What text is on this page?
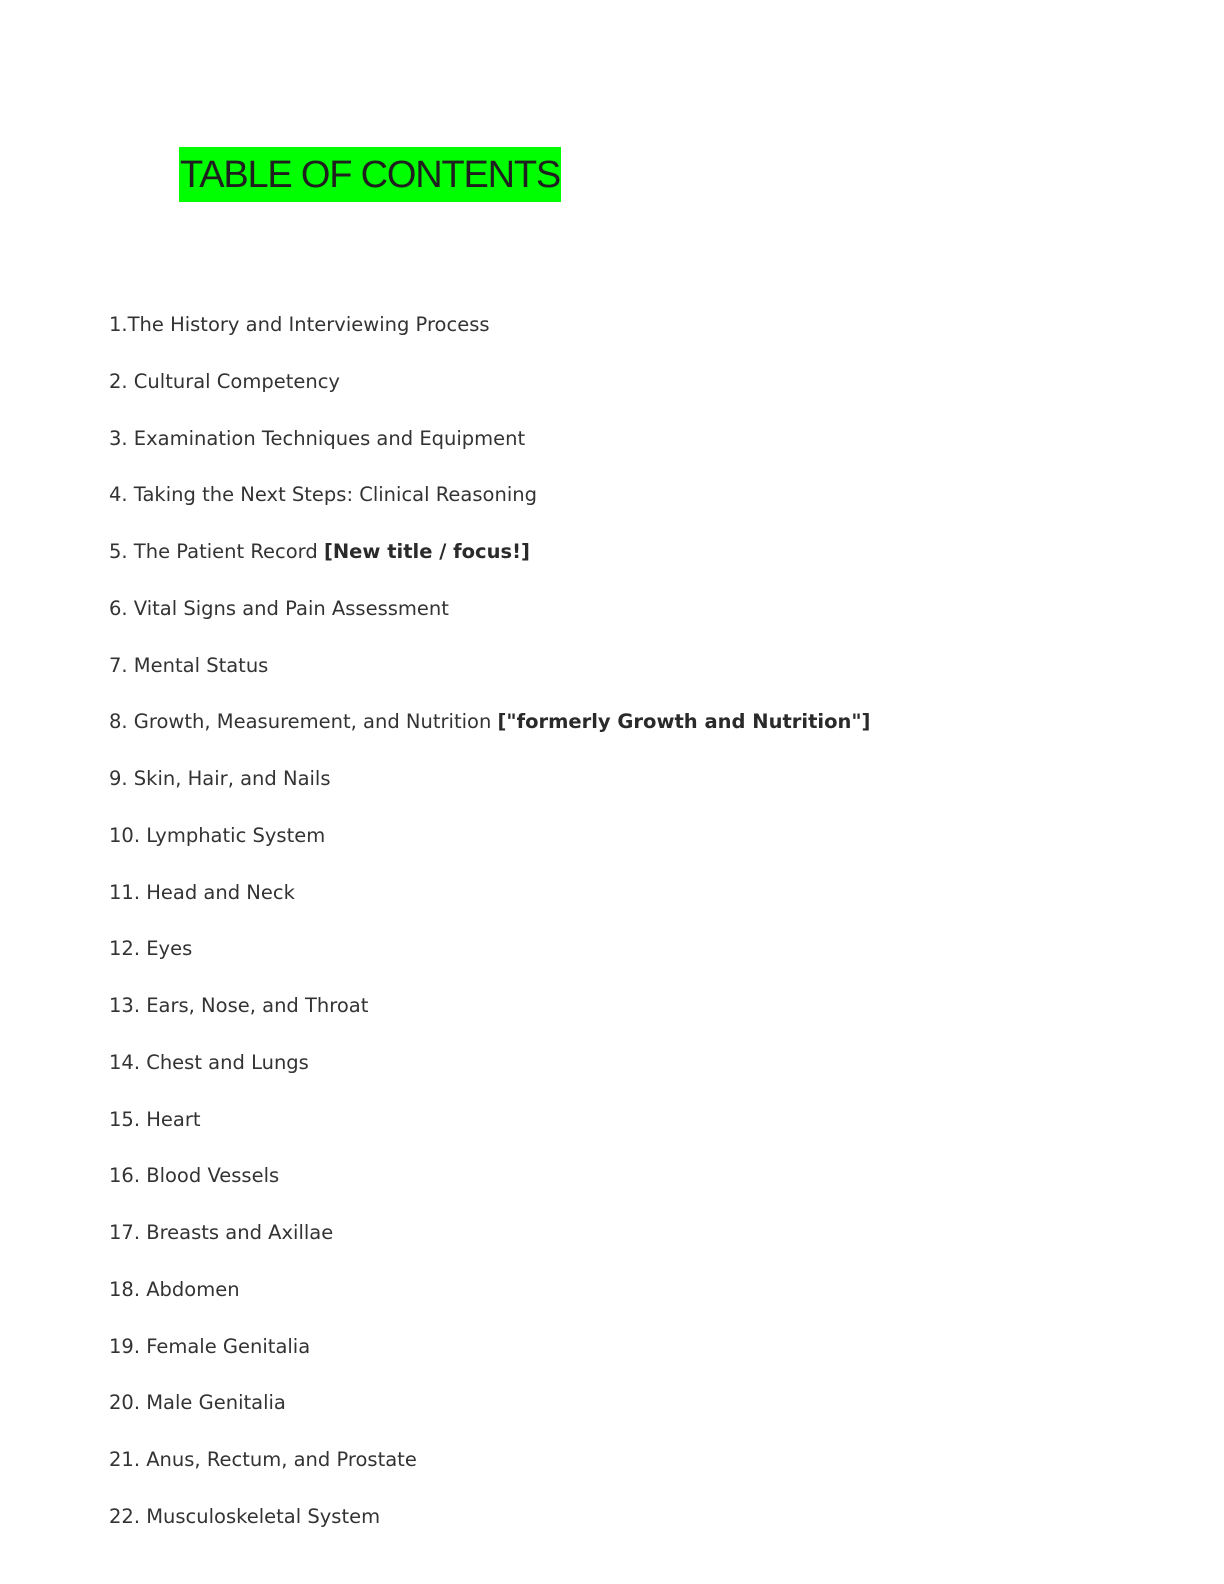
TABLE OF CONTENTS
1.The History and Interviewing Process
2. Cultural Competency
3. Examination Techniques and Equipment
4. Taking the Next Steps: Clinical Reasoning
5. The Patient Record [New title / focus!]
6. Vital Signs and Pain Assessment
7. Mental Status
8. Growth, Measurement, and Nutrition ["formerly Growth and Nutrition"]
9. Skin, Hair, and Nails
10. Lymphatic System
11. Head and Neck
12. Eyes
13. Ears, Nose, and Throat
14. Chest and Lungs
15. Heart
16. Blood Vessels
17. Breasts and Axillae
18. Abdomen
19. Female Genitalia
20. Male Genitalia
21. Anus, Rectum, and Prostate
22. Musculoskeletal System
